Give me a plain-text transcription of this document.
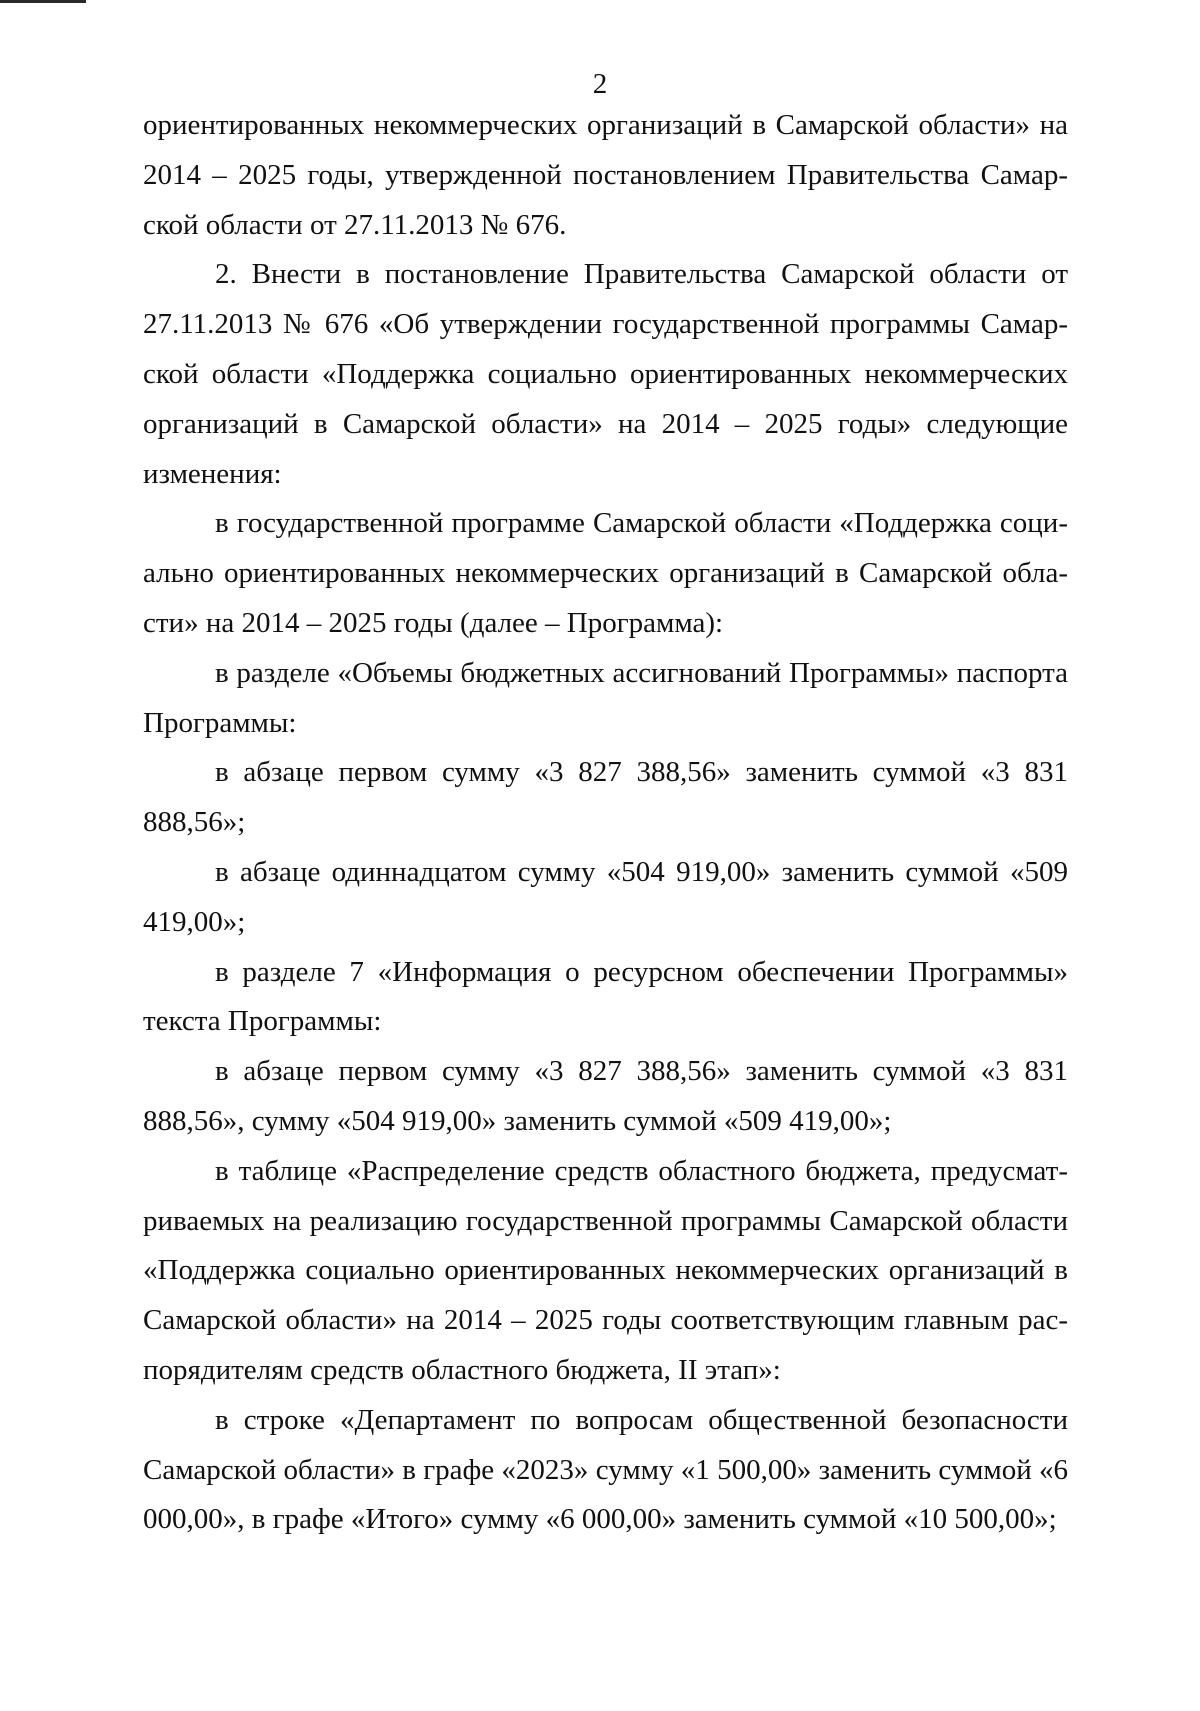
2

ориентированных некоммерческих организаций в Самарской области» на 2014 – 2025 годы, утвержденной постановлением Правительства Самарской области от 27.11.2013 № 676.

2. Внести в постановление Правительства Самарской области от 27.11.2013 № 676 «Об утверждении государственной программы Самарской области «Поддержка социально ориентированных некоммерческих организаций в Самарской области» на 2014 – 2025 годы» следующие изменения:

в государственной программе Самарской области «Поддержка социально ориентированных некоммерческих организаций в Самарской области» на 2014 – 2025 годы (далее – Программа):

в разделе «Объемы бюджетных ассигнований Программы» паспорта Программы:

в абзаце первом сумму «3 827 388,56» заменить суммой «3 831 888,56»;

в абзаце одиннадцатом сумму «504 919,00» заменить суммой «509 419,00»;

в разделе 7 «Информация о ресурсном обеспечении Программы» текста Программы:

в абзаце первом сумму «3 827 388,56» заменить суммой «3 831 888,56», сумму «504 919,00» заменить суммой «509 419,00»;

в таблице «Распределение средств областного бюджета, предусматриваемых на реализацию государственной программы Самарской области «Поддержка социально ориентированных некоммерческих организаций в Самарской области» на 2014 – 2025 годы соответствующим главным распорядителям средств областного бюджета, II этап»:

в строке «Департамент по вопросам общественной безопасности Самарской области» в графе «2023» сумму «1 500,00» заменить суммой «6 000,00», в графе «Итого» сумму «6 000,00» заменить суммой «10 500,00»;
